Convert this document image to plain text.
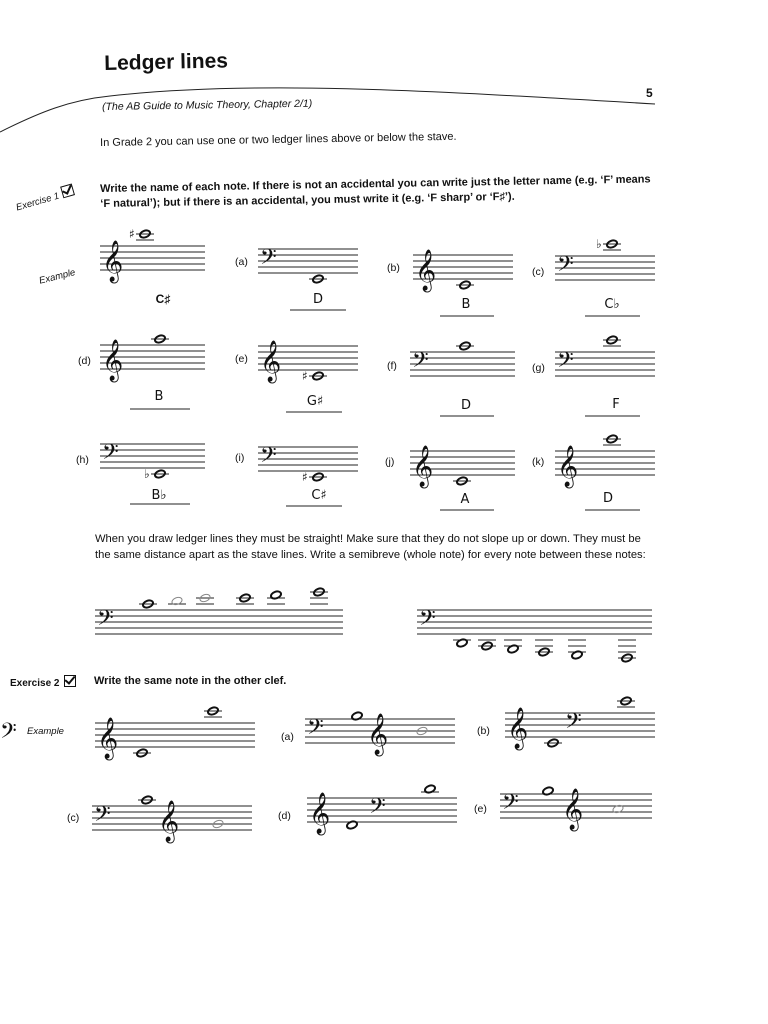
𝄞
♯
𝄢	𝄞	𝄢
♭
𝄞	𝄞 ♯	𝄢	𝄢
𝄢
♭
𝄢
♯	𝄞	𝄞
𝄢	𝄢
𝄞
𝄢	𝄢 𝄞	𝄞 𝄢
𝄢 𝄞	𝄞 𝄢	𝄢 𝄞
Ledger lines
5
(The AB Guide to Music Theory, Chapter 2/1)
In Grade 2 you can use one or two ledger lines above or below the stave.
Exercise 1
Write the name of each note. If there is not an accidental you can write just the letter name (e.g. ‘F’ means ‘F natural’); but if there is an accidental, you must write it (e.g. ‘F sharp’ or ‘F♯’).
Example
(a)	(b)	(c)
(d)	(e)
(f)	(g)
(h)	(i)	(j)	(k)
C♯	D	B	C♭
B	G♯	D	F
B♭	C♯	A	D
When you draw ledger lines they must be straight! Make sure that they do not slope up or down. They must be the same distance apart as the stave lines. Write a semibreve (whole note) for every note between these notes:
Exercise 2	Write the same note in the other clef.
Example	(a)	(b)
(c)	(d)
(e)
